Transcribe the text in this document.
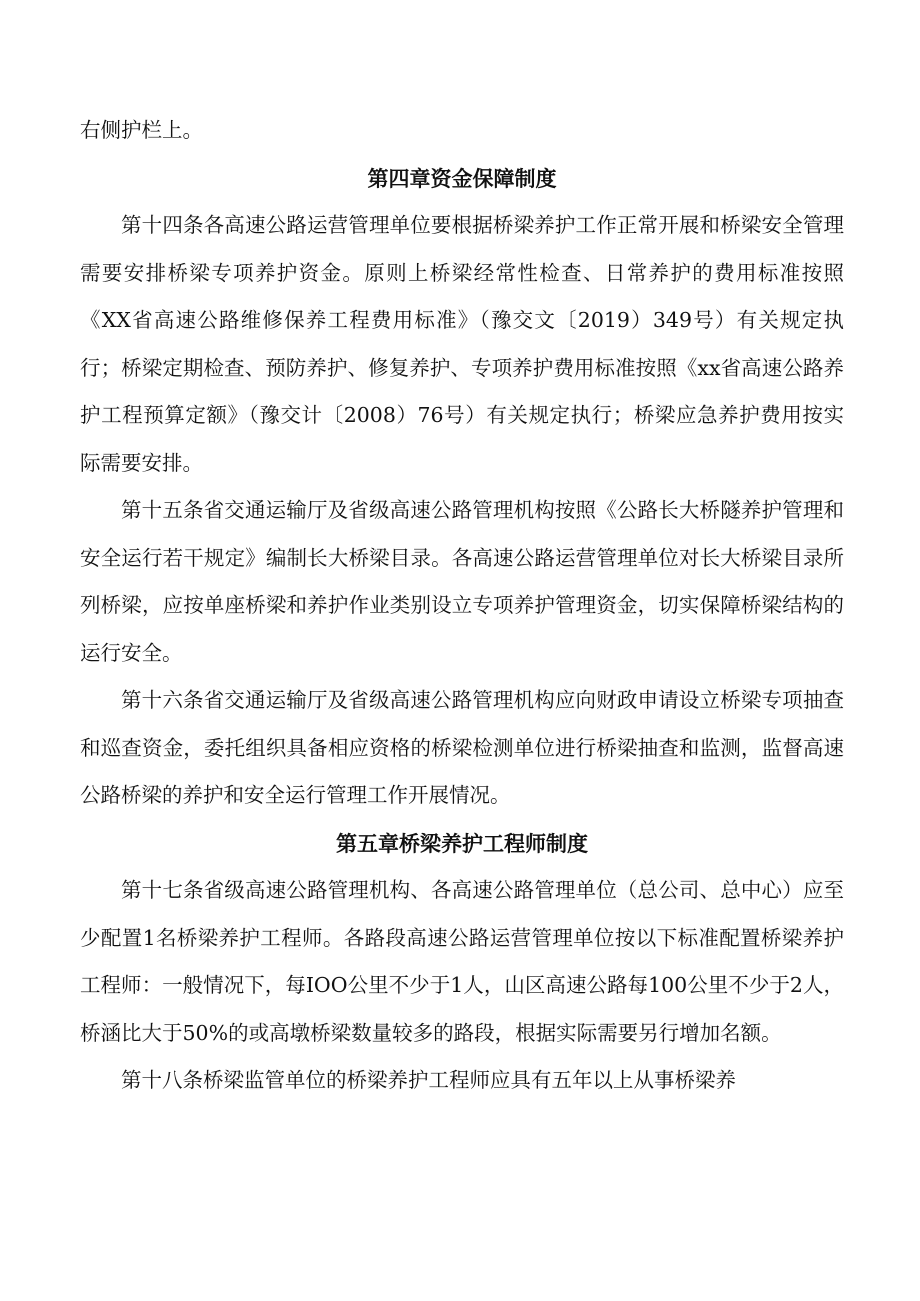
右侧护栏上。

第四章资金保障制度

第十四条各高速公路运营管理单位要根据桥梁养护工作正常开展和桥梁安全管理需要安排桥梁专项养护资金。原则上桥梁经常性检查、日常养护的费用标准按照《XX省高速公路维修保养工程费用标准》（豫交文〔2019）349号）有关规定执行；桥梁定期检查、预防养护、修复养护、专项养护费用标准按照《xx省高速公路养护工程预算定额》（豫交计〔2008）76号）有关规定执行；桥梁应急养护费用按实际需要安排。

第十五条省交通运输厅及省级高速公路管理机构按照《公路长大桥隧养护管理和安全运行若干规定》编制长大桥梁目录。各高速公路运营管理单位对长大桥梁目录所列桥梁，应按单座桥梁和养护作业类别设立专项养护管理资金，切实保障桥梁结构的运行安全。

第十六条省交通运输厅及省级高速公路管理机构应向财政申请设立桥梁专项抽查和巡查资金，委托组织具备相应资格的桥梁检测单位进行桥梁抽查和监测，监督高速公路桥梁的养护和安全运行管理工作开展情况。

第五章桥梁养护工程师制度

第十七条省级高速公路管理机构、各高速公路管理单位（总公司、总中心）应至少配置1名桥梁养护工程师。各路段高速公路运营管理单位按以下标准配置桥梁养护工程师：一般情况下，每IOO公里不少于1人，山区高速公路每100公里不少于2人，桥涵比大于50%的或高墩桥梁数量较多的路段，根据实际需要另行增加名额。

第十八条桥梁监管单位的桥梁养护工程师应具有五年以上从事桥梁养
